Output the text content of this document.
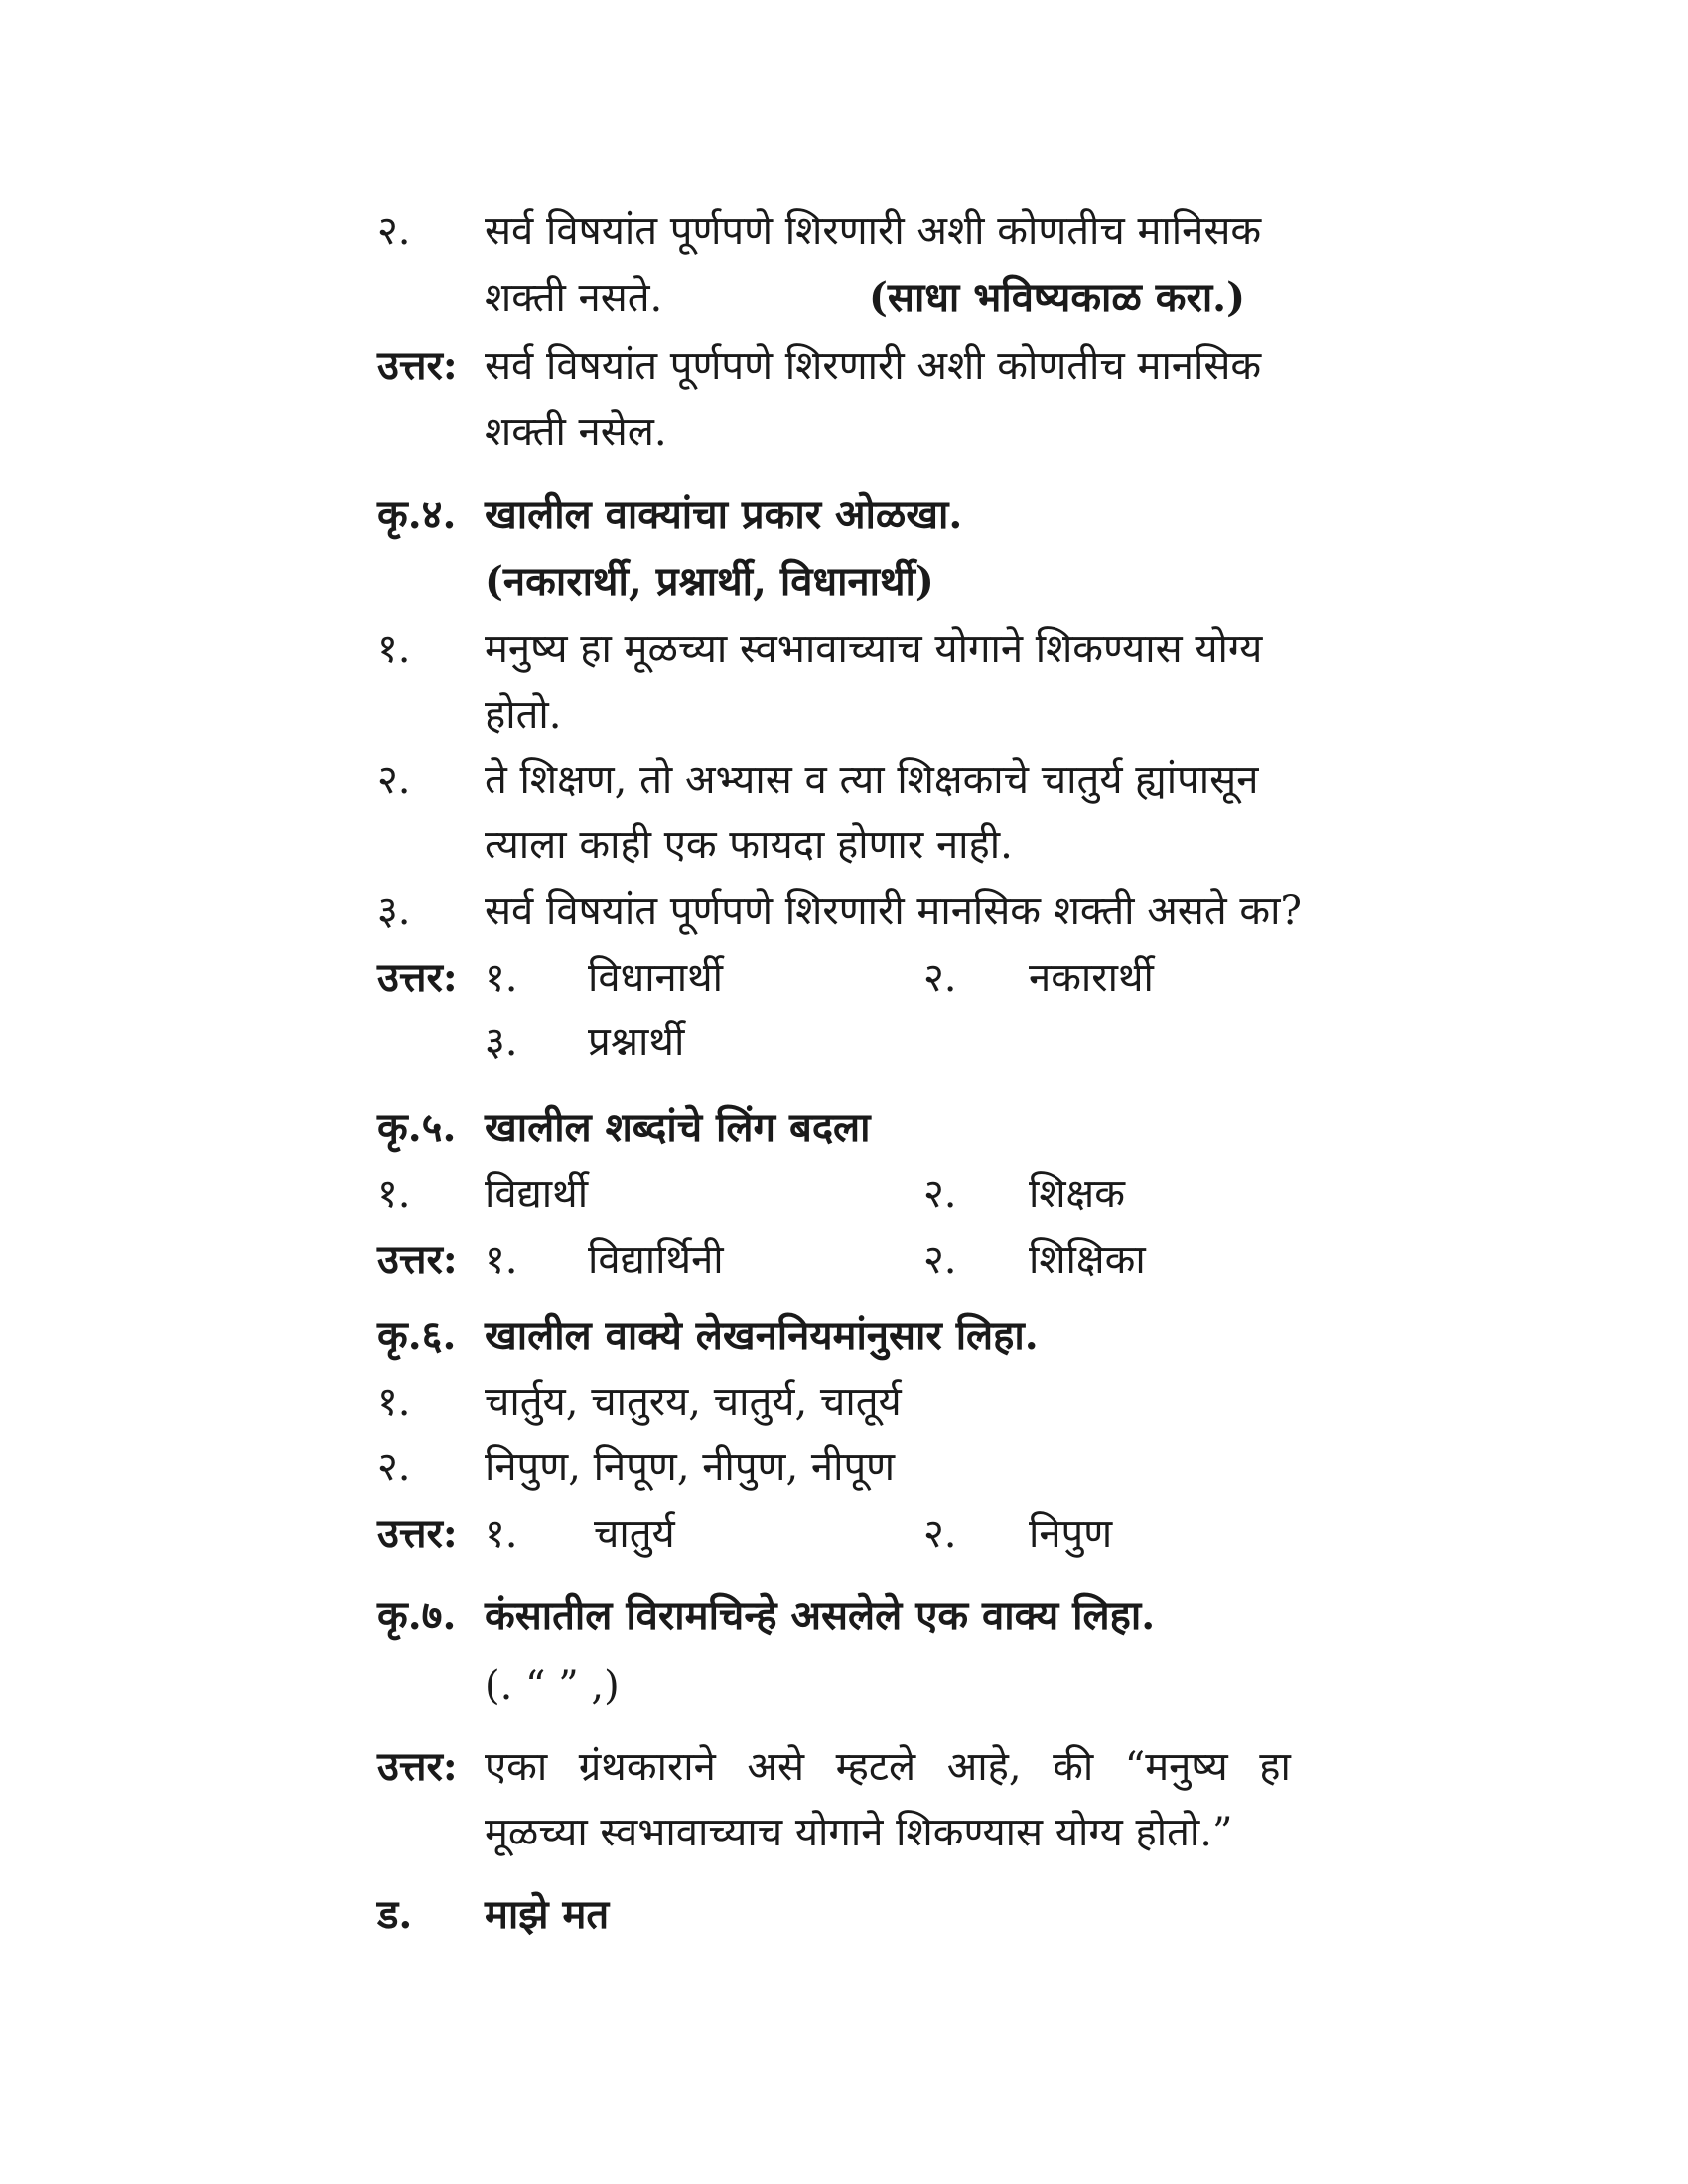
२.	सर्व विषयांत पूर्णपणे शिरणारी अशी कोणतीच मानिसक
शक्ती नसते.	(साधा भविष्यकाळ करा.)
उत्तर: सर्व विषयांत पूर्णपणे शिरणारी अशी कोणतीच मानसिक
शक्ती नसेल.
कृ.४. खालील वाक्यांचा प्रकार ओळखा.
(नकारार्थी, प्रश्नार्थी, विधानार्थी)
१.	मनुष्य हा मूळच्या स्वभावाच्याच योगाने शिकण्यास योग्य
होतो.
२.	ते शिक्षण, तो अभ्यास व त्या शिक्षकाचे चातुर्य ह्यांपासून
त्याला काही एक फायदा होणार नाही.
३.	सर्व विषयांत पूर्णपणे शिरणारी मानसिक शक्ती असते का?
उत्तर: १. विधानार्थी	२. नकारार्थी
३. प्रश्नार्थी
कृ.५. खालील शब्दांचे लिंग बदला
१.	विद्यार्थी	२. शिक्षक
उत्तर: १. विद्यार्थिनी	२. शिक्षिका
कृ.६. खालील वाक्ये लेखननियमांनुसार लिहा.
१.	चार्तुय, चातुरय, चातुर्य, चातूर्य
२.	निपुण, निपूण, नीपुण, नीपूण
उत्तर: १. चातुर्य	२. निपुण
कृ.७. कंसातील विरामचिन्हे असलेले एक वाक्य लिहा.
(. “ ” ,)
उत्तर: एका ग्रंथकाराने असे म्हटले आहे, की “मनुष्य हा
मूळच्या स्वभावाच्याच योगाने शिकण्यास योग्य होतो.”
ड.	माझे मत
